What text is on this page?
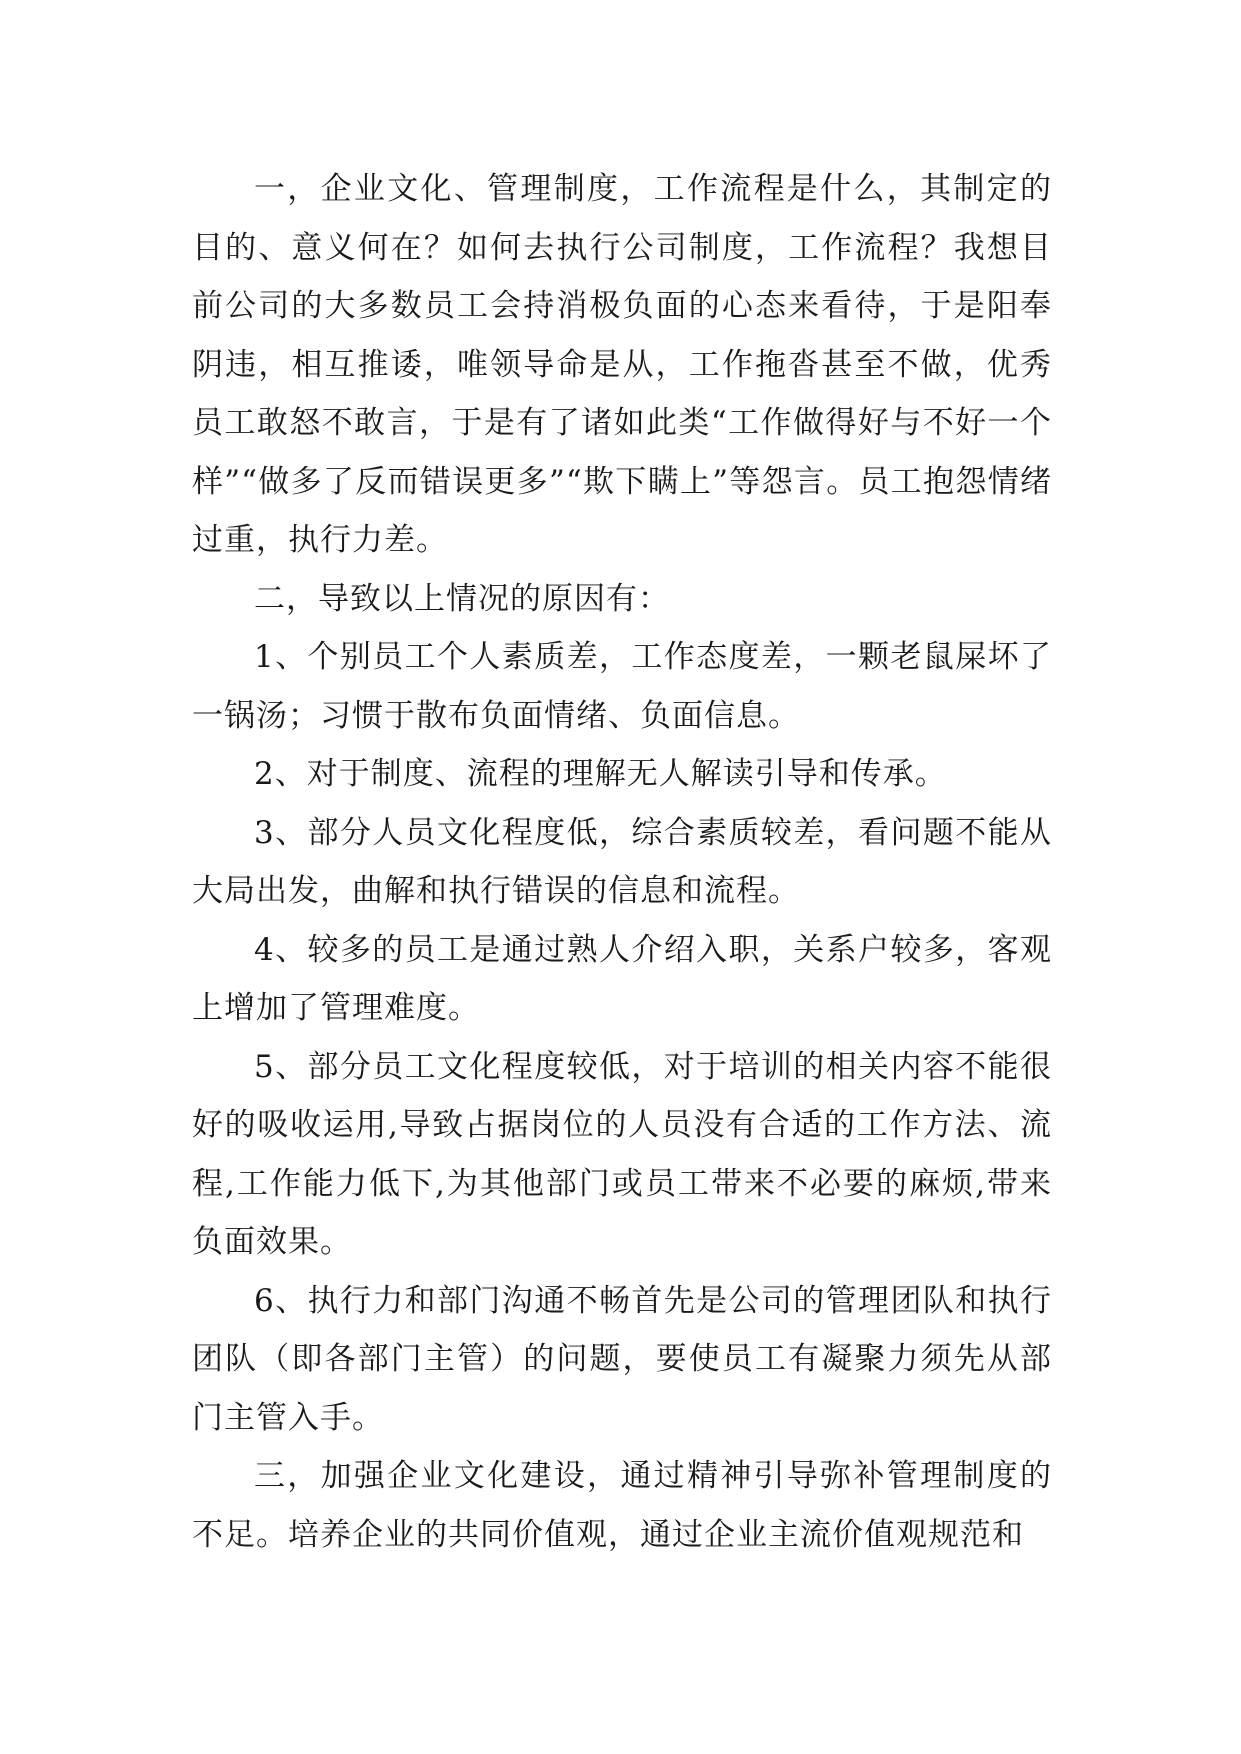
一，企业文化、管理制度，工作流程是什么，其制定的目的、意义何在？如何去执行公司制度，工作流程？我想目前公司的大多数员工会持消极负面的心态来看待，于是阳奉阴违，相互推诿，唯领导命是从，工作拖沓甚至不做，优秀员工敢怒不敢言，于是有了诸如此类“工作做得好与不好一个样”“做多了反而错误更多”“欺下瞒上”等怨言。员工抱怨情绪过重，执行力差。

二，导致以上情况的原因有：

1、个别员工个人素质差，工作态度差，一颗老鼠屎坏了一锅汤；习惯于散布负面情绪、负面信息。

2、对于制度、流程的理解无人解读引导和传承。

3、部分人员文化程度低，综合素质较差，看问题不能从大局出发，曲解和执行错误的信息和流程。

4、较多的员工是通过熟人介绍入职，关系户较多，客观上增加了管理难度。

5、部分员工文化程度较低，对于培训的相关内容不能很好的吸收运用,导致占据岗位的人员没有合适的工作方法、流程,工作能力低下,为其他部门或员工带来不必要的麻烦,带来负面效果。

6、执行力和部门沟通不畅首先是公司的管理团队和执行团队（即各部门主管）的问题，要使员工有凝聚力须先从部门主管入手。

三，加强企业文化建设，通过精神引导弥补管理制度的不足。培养企业的共同价值观，通过企业主流价值观规范和
